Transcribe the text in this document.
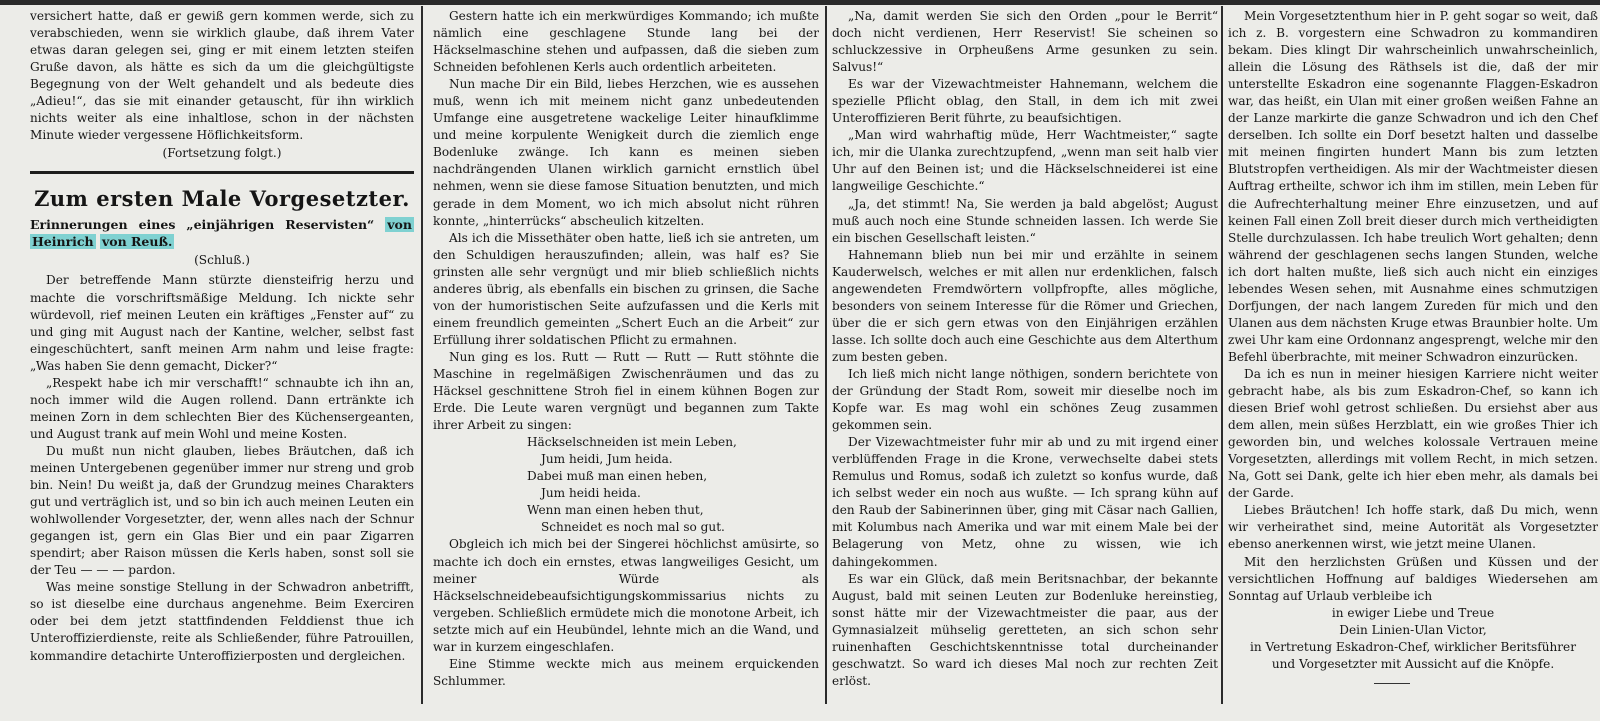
versichert hatte, daß er gewiß gern kommen werde, sich zu verabschieden, wenn sie wirklich glaube, daß ihrem Vater etwas daran gelegen sei, ging er mit einem letzten steifen Gruße davon, als hätte es sich da um die gleichgültigste Begegnung von der Welt gehandelt und als bedeute dies „Adieu!“, das sie mit einander getauscht, für ihn wirklich nichts weiter als eine inhaltlose, schon in der nächsten Minute wieder vergessene Höflichkeitsform.

(Fortsetzung folgt.)

Zum ersten Male Vorgesetzter.

Erinnerungen eines „einjährigen Reservisten“ von Heinrich von Reuß.

(Schluß.)

Der betreffende Mann stürzte diensteifrig herzu und machte die vorschriftsmäßige Meldung. Ich nickte sehr würdevoll, rief meinen Leuten ein kräftiges „Fenster auf“ zu und ging mit August nach der Kantine, welcher, selbst fast eingeschüchtert, sanft meinen Arm nahm und leise fragte: „Was haben Sie denn gemacht, Dicker?“

„Respekt habe ich mir verschafft!“ schnaubte ich ihn an, noch immer wild die Augen rollend. Dann ertränkte ich meinen Zorn in dem schlechten Bier des Küchensergeanten, und August trank auf mein Wohl und meine Kosten.

Du mußt nun nicht glauben, liebes Bräutchen, daß ich meinen Untergebenen gegenüber immer nur streng und grob bin. Nein! Du weißt ja, daß der Grundzug meines Charakters gut und verträglich ist, und so bin ich auch meinen Leuten ein wohlwollender Vorgesetzter, der, wenn alles nach der Schnur gegangen ist, gern ein Glas Bier und ein paar Zigarren spendirt; aber Raison müssen die Kerls haben, sonst soll sie der Teu — — — pardon.

Was meine sonstige Stellung in der Schwadron anbetrifft, so ist dieselbe eine durchaus angenehme. Beim Exerciren oder bei dem jetzt stattfindenden Felddienst thue ich Unteroffizierdienste, reite als Schließender, führe Patrouillen, kommandire detachirte Unteroffizierposten und dergleichen.

Gestern hatte ich ein merkwürdiges Kommando; ich mußte nämlich eine geschlagene Stunde lang bei der Häckselmaschine stehen und aufpassen, daß die sieben zum Schneiden befohlenen Kerls auch ordentlich arbeiteten.

Nun mache Dir ein Bild, liebes Herzchen, wie es aussehen muß, wenn ich mit meinem nicht ganz unbedeutenden Umfange eine ausgetretene wackelige Leiter hinaufklimme und meine korpulente Wenigkeit durch die ziemlich enge Bodenluke zwänge. Ich kann es meinen sieben nachdrängenden Ulanen wirklich garnicht ernstlich übel nehmen, wenn sie diese famose Situation benutzten, und mich gerade in dem Moment, wo ich mich absolut nicht rühren konnte, „hinterrücks“ abscheulich kitzelten.

Als ich die Missethäter oben hatte, ließ ich sie antreten, um den Schuldigen herauszufinden; allein, was half es? Sie grinsten alle sehr vergnügt und mir blieb schließlich nichts anderes übrig, als ebenfalls ein bischen zu grinsen, die Sache von der humoristischen Seite aufzufassen und die Kerls mit einem freundlich gemeinten „Schert Euch an die Arbeit“ zur Erfüllung ihrer soldatischen Pflicht zu ermahnen.

Nun ging es los. Rutt — Rutt — Rutt — Rutt stöhnte die Maschine in regelmäßigen Zwischenräumen und das zu Häcksel geschnittene Stroh fiel in einem kühnen Bogen zur Erde. Die Leute waren vergnügt und begannen zum Takte ihrer Arbeit zu singen:

Häckselschneiden ist mein Leben,

Jum heidi, Jum heida.

Dabei muß man einen heben,

Jum heidi heida.

Wenn man einen heben thut,

Schneidet es noch mal so gut.

Obgleich ich mich bei der Singerei höchlichst amüsirte, so machte ich doch ein ernstes, etwas langweiliges Gesicht, um meiner Würde als Häckselschneidebeaufsichtigungskommissarius nichts zu vergeben. Schließlich ermüdete mich die monotone Arbeit, ich setzte mich auf ein Heubündel, lehnte mich an die Wand, und war in kurzem eingeschlafen.

Eine Stimme weckte mich aus meinem erquickenden Schlummer.

„Na, damit werden Sie sich den Orden „pour le Berrit“ doch nicht verdienen, Herr Reservist! Sie scheinen so schluckzessive in Orpheußens Arme gesunken zu sein. Salvus!“

Es war der Vizewachtmeister Hahnemann, welchem die spezielle Pflicht oblag, den Stall, in dem ich mit zwei Unteroffizieren Berit führte, zu beaufsichtigen.

„Man wird wahrhaftig müde, Herr Wachtmeister,“ sagte ich, mir die Ulanka zurechtzupfend, „wenn man seit halb vier Uhr auf den Beinen ist; und die Häckselschneiderei ist eine langweilige Geschichte.“

„Ja, det stimmt! Na, Sie werden ja bald abgelöst; August muß auch noch eine Stunde schneiden lassen. Ich werde Sie ein bischen Gesellschaft leisten.“

Hahnemann blieb nun bei mir und erzählte in seinem Kauderwelsch, welches er mit allen nur erdenklichen, falsch angewendeten Fremdwörtern vollpfropfte, alles mögliche, besonders von seinem Interesse für die Römer und Griechen, über die er sich gern etwas von den Einjährigen erzählen lasse. Ich sollte doch auch eine Geschichte aus dem Alterthum zum besten geben.

Ich ließ mich nicht lange nöthigen, sondern berichtete von der Gründung der Stadt Rom, soweit mir dieselbe noch im Kopfe war. Es mag wohl ein schönes Zeug zusammen gekommen sein.

Der Vizewachtmeister fuhr mir ab und zu mit irgend einer verblüffenden Frage in die Krone, verwechselte dabei stets Remulus und Romus, sodaß ich zuletzt so konfus wurde, daß ich selbst weder ein noch aus wußte. — Ich sprang kühn auf den Raub der Sabinerinnen über, ging mit Cäsar nach Gallien, mit Kolumbus nach Amerika und war mit einem Male bei der Belagerung von Metz, ohne zu wissen, wie ich dahingekommen.

Es war ein Glück, daß mein Beritsnachbar, der bekannte August, bald mit seinen Leuten zur Bodenluke hereinstieg, sonst hätte mir der Vizewachtmeister die paar, aus der Gymnasialzeit mühselig geretteten, an sich schon sehr ruinenhaften Geschichtskenntnisse total durcheinander geschwatzt. So ward ich dieses Mal noch zur rechten Zeit erlöst.

Mein Vorgesetztenthum hier in P. geht sogar so weit, daß ich z. B. vorgestern eine Schwadron zu kommandiren bekam. Dies klingt Dir wahrscheinlich unwahrscheinlich, allein die Lösung des Räthsels ist die, daß der mir unterstellte Eskadron eine sogenannte Flaggen-Eskadron war, das heißt, ein Ulan mit einer großen weißen Fahne an der Lanze markirte die ganze Schwadron und ich den Chef derselben. Ich sollte ein Dorf besetzt halten und dasselbe mit meinen fingirten hundert Mann bis zum letzten Blutstropfen vertheidigen. Als mir der Wachtmeister diesen Auftrag ertheilte, schwor ich ihm im stillen, mein Leben für die Aufrechterhaltung meiner Ehre einzusetzen, und auf keinen Fall einen Zoll breit dieser durch mich vertheidigten Stelle durchzulassen. Ich habe treulich Wort gehalten; denn während der geschlagenen sechs langen Stunden, welche ich dort halten mußte, ließ sich auch nicht ein einziges lebendes Wesen sehen, mit Ausnahme eines schmutzigen Dorfjungen, der nach langem Zureden für mich und den Ulanen aus dem nächsten Kruge etwas Braunbier holte. Um zwei Uhr kam eine Ordonnanz angesprengt, welche mir den Befehl überbrachte, mit meiner Schwadron einzurücken.

Da ich es nun in meiner hiesigen Karriere nicht weiter gebracht habe, als bis zum Eskadron-Chef, so kann ich diesen Brief wohl getrost schließen. Du ersiehst aber aus dem allen, mein süßes Herzblatt, ein wie großes Thier ich geworden bin, und welches kolossale Vertrauen meine Vorgesetzten, allerdings mit vollem Recht, in mich setzen. Na, Gott sei Dank, gelte ich hier eben mehr, als damals bei der Garde.

Liebes Bräutchen! Ich hoffe stark, daß Du mich, wenn wir verheirathet sind, meine Autorität als Vorgesetzter ebenso anerkennen wirst, wie jetzt meine Ulanen.

Mit den herzlichsten Grüßen und Küssen und der versichtlichen Hoffnung auf baldiges Wiedersehen am Sonntag auf Urlaub verbleibe ich

in ewiger Liebe und Treue

Dein Linien-Ulan Victor,

in Vertretung Eskadron-Chef, wirklicher Beritsführer

und Vorgesetzter mit Aussicht auf die Knöpfe.
